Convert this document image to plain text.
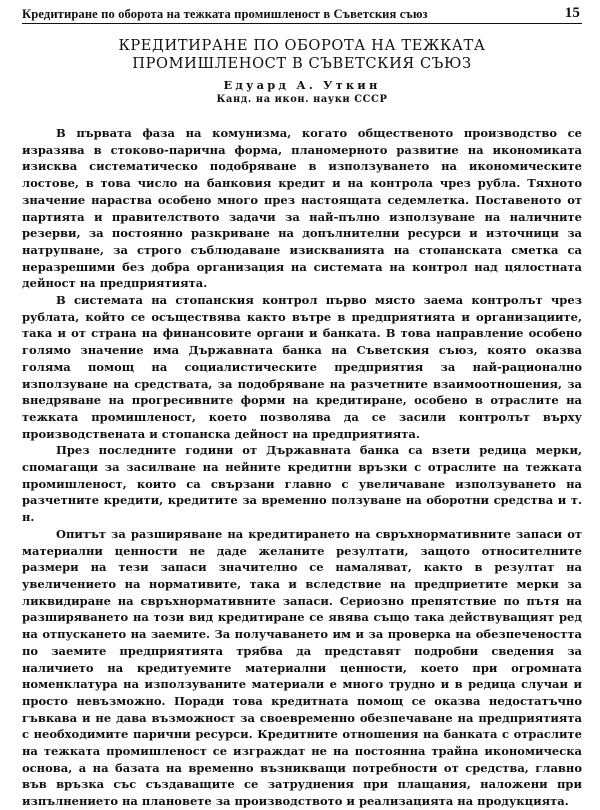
Кредитиране по оборота на тежката промишленост в Съветския съюз	15
КРЕДИТИРАНЕ ПО ОБОРОТА НА ТЕЖКАТА
ПРОМИШЛЕНОСТ В СЪВЕТСКИЯ СЪЮЗ
Едуард А. Уткин
Канд. на икон. науки СССР

В първата фаза на комунизма, когато общественото производство се изразява в стоково-парична форма, планомерното развитие на икономиката изисква систематическо подобряване в използуването на икономическите лостове, в това число на банковия кредит и на контрола чрез рубла. Тяхното значение нараства особено много през настоящата седемлетка. Поставеното от партията и правителството задачи за най-пълно използуване на наличните резерви, за постоянно разкриване на допълнителни ресурси и източници за натрупване, за строго съблюдаване изискванията на стопанската сметка са неразрешими без добра организация на системата на контрол над цялостната дейност на предприятията.

В системата на стопанския контрол първо място заема контролът чрез рублата, който се осъществява както вътре в предприятията и организациите, така и от страна на финансовите органи и банката. В това направление особено голямо значение има Държавната банка на Съветския съюз, която оказва голяма помощ на социалистическите предприятия за най-рационално използуване на средствата, за подобряване на разчетните взаимоотношения, за внедряване на прогресивните форми на кредитиране, особено в отраслите на тежката промишленост, което позволява да се засили контролът върху производствената и стопанска дейност на предприятията.

През последните години от Държавната банка са взети редица мерки, спомагащи за засилване на нейните кредитни връзки с отраслите на тежката промишленост, които са свързани главно с увеличаване използуването на разчетните кредити, кредитите за временно ползуване на оборотни средства и т. н.

Опитът за разширяване на кредитирането на свръхнормативните запаси от материални ценности не даде желаните резултати, защото относителните размери на тези запаси значително се намаляват, както в резултат на увеличението на нормативите, така и вследствие на предприетите мерки за ликвидиране на свръхнормативните запаси. Сериозно препятствие по пътя на разширяването на този вид кредитиране се явява също така действуващият ред на отпускането на заемите. За получаването им и за проверка на обезпечеността по заемите предприятията трябва да представят подробни сведения за наличието на кредитуемите материални ценности, което при огромната номенклатура на използуваните материали е много трудно и в редица случаи и просто невъзможно. Поради това кредитната помощ се оказва недостатъчно гъвкава и не дава възможност за своевременно обезпечаване на предприятията с необходимите парични ресурси. Кредитните отношения на банката с отраслите на тежката промишленост се изграждат не на постоянна трайна икономическа основа, а на базата на временно възникващи потребности от средства, главно във връзка със създаващите се затруднения при плащания, наложени при изпълнението на плановете за производството и реализацията на продукцията.
